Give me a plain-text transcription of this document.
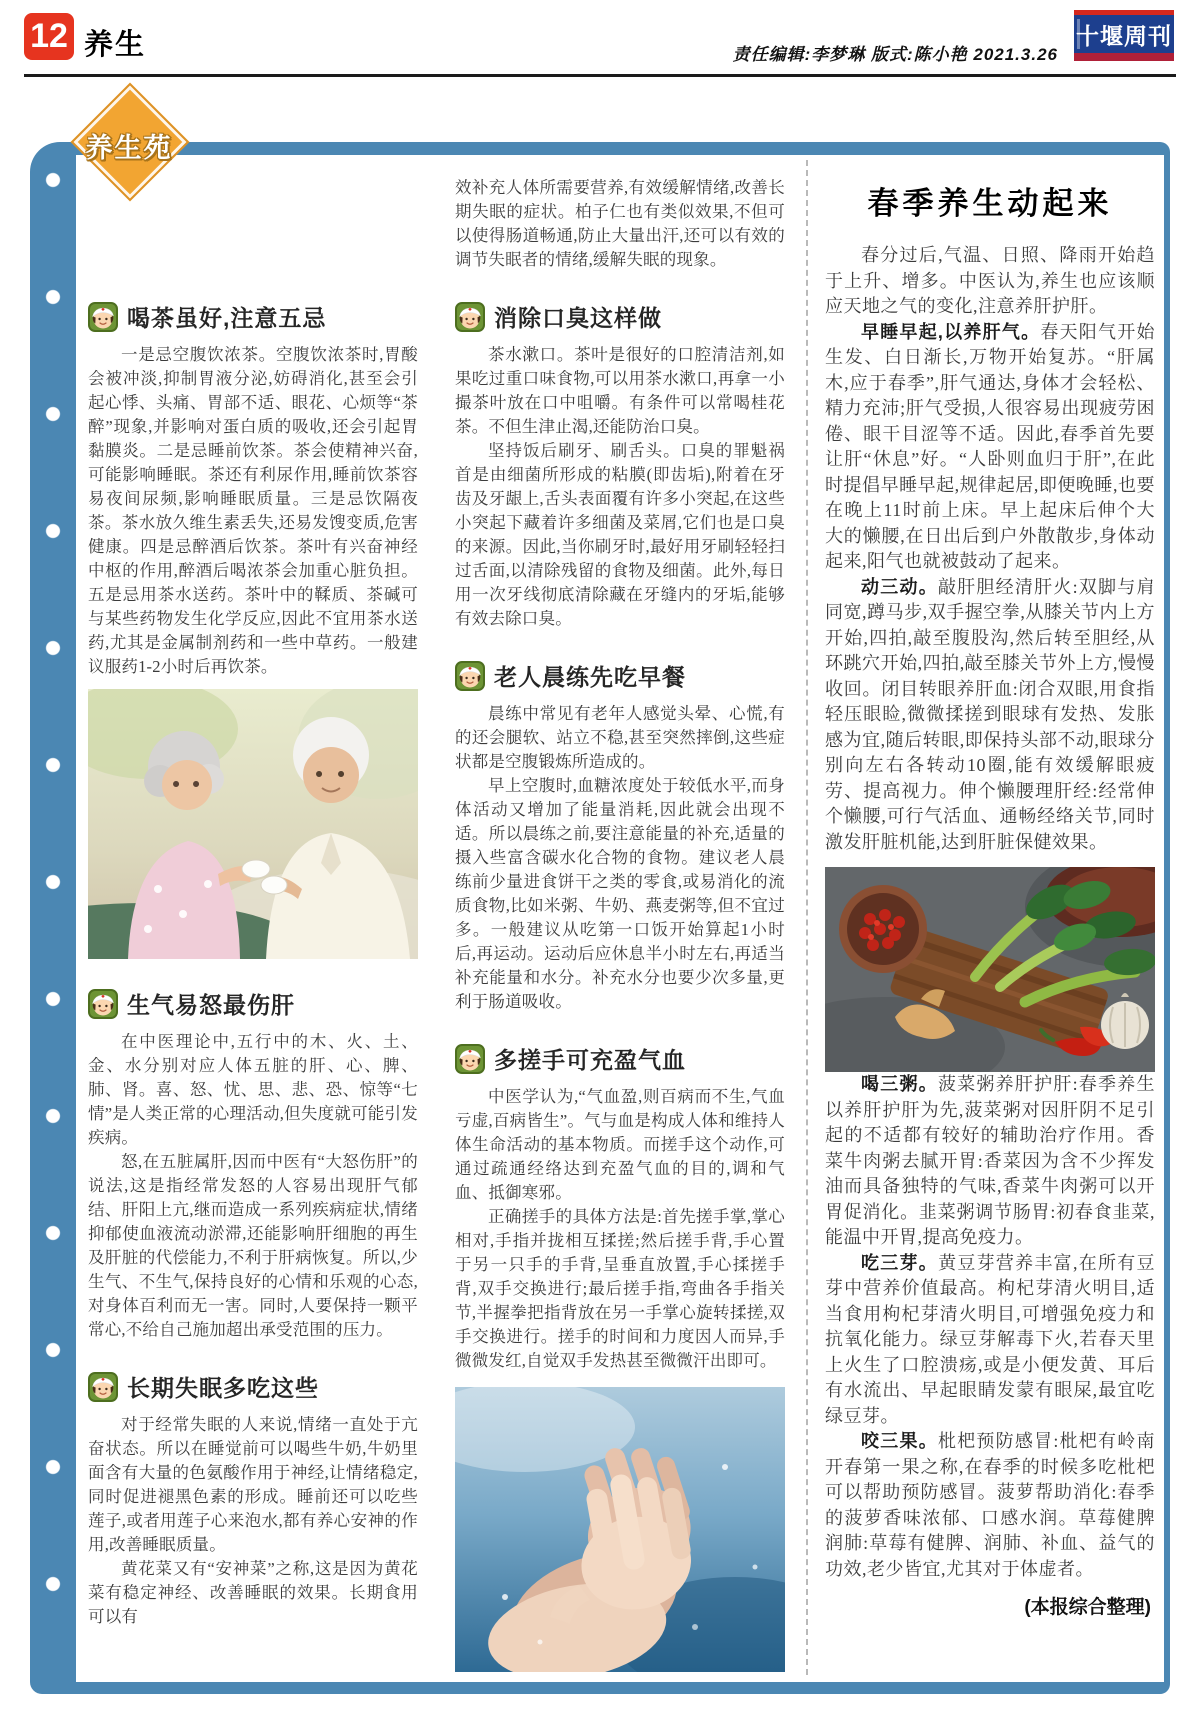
12 养生	责任编辑:李梦琳 版式:陈小艳 2021.3.26
十堰周刊
养生苑
喝茶虽好,注意五忌

一是忌空腹饮浓茶。空腹饮浓茶时,胃酸会被冲淡,抑制胃液分泌,妨碍消化,甚至会引起心悸、头痛、胃部不适、眼花、心烦等“茶醉”现象,并影响对蛋白质的吸收,还会引起胃黏膜炎。二是忌睡前饮茶。茶会使精神兴奋,可能影响睡眠。茶还有利尿作用,睡前饮茶容易夜间尿频,影响睡眠质量。三是忌饮隔夜茶。茶水放久维生素丢失,还易发馊变质,危害健康。四是忌醉酒后饮茶。茶叶有兴奋神经中枢的作用,醉酒后喝浓茶会加重心脏负担。五是忌用茶水送药。茶叶中的鞣质、茶碱可与某些药物发生化学反应,因此不宜用茶水送药,尤其是金属制剂药和一些中草药。一般建议服药1-2小时后再饮茶。

生气易怒最伤肝

在中医理论中,五行中的木、火、土、金、水分别对应人体五脏的肝、心、脾、肺、肾。喜、怒、忧、思、悲、恐、惊等“七情”是人类正常的心理活动,但失度就可能引发疾病。

怒,在五脏属肝,因而中医有“大怒伤肝”的说法,这是指经常发怒的人容易出现肝气郁结、肝阳上亢,继而造成一系列疾病症状,情绪抑郁使血液流动淤滞,还能影响肝细胞的再生及肝脏的代偿能力,不利于肝病恢复。所以,少生气、不生气,保持良好的心情和乐观的心态,对身体百利而无一害。同时,人要保持一颗平常心,不给自己施加超出承受范围的压力。

长期失眠多吃这些

对于经常失眠的人来说,情绪一直处于亢奋状态。所以在睡觉前可以喝些牛奶,牛奶里面含有大量的色氨酸作用于神经,让情绪稳定,同时促进褪黑色素的形成。睡前还可以吃些莲子,或者用莲子心来泡水,都有养心安神的作用,改善睡眠质量。

黄花菜又有“安神菜”之称,这是因为黄花菜有稳定神经、改善睡眠的效果。长期食用可以有

效补充人体所需要营养,有效缓解情绪,改善长期失眠的症状。柏子仁也有类似效果,不但可以使得肠道畅通,防止大量出汗,还可以有效的调节失眠者的情绪,缓解失眠的现象。

消除口臭这样做

茶水漱口。茶叶是很好的口腔清洁剂,如果吃过重口味食物,可以用茶水漱口,再拿一小撮茶叶放在口中咀嚼。有条件可以常喝桂花茶。不但生津止渴,还能防治口臭。

坚持饭后刷牙、刷舌头。口臭的罪魁祸首是由细菌所形成的粘膜(即齿垢),附着在牙齿及牙龈上,舌头表面覆有许多小突起,在这些小突起下藏着许多细菌及菜屑,它们也是口臭的来源。因此,当你刷牙时,最好用牙刷轻轻扫过舌面,以清除残留的食物及细菌。此外,每日用一次牙线彻底清除藏在牙缝内的牙垢,能够有效去除口臭。

老人晨练先吃早餐

晨练中常见有老年人感觉头晕、心慌,有的还会腿软、站立不稳,甚至突然摔倒,这些症状都是空腹锻炼所造成的。

早上空腹时,血糖浓度处于较低水平,而身体活动又增加了能量消耗,因此就会出现不适。所以晨练之前,要注意能量的补充,适量的摄入些富含碳水化合物的食物。建议老人晨练前少量进食饼干之类的零食,或易消化的流质食物,比如米粥、牛奶、燕麦粥等,但不宜过多。一般建议从吃第一口饭开始算起1小时后,再运动。运动后应休息半小时左右,再适当补充能量和水分。补充水分也要少次多量,更利于肠道吸收。

多搓手可充盈气血

中医学认为,“气血盈,则百病而不生,气血亏虚,百病皆生”。气与血是构成人体和维持人体生命活动的基本物质。而搓手这个动作,可通过疏通经络达到充盈气血的目的,调和气血、抵御寒邪。

正确搓手的具体方法是:首先搓手掌,掌心相对,手指并拢相互揉搓;然后搓手背,手心置于另一只手的手背,呈垂直放置,手心揉搓手背,双手交换进行;最后搓手指,弯曲各手指关节,半握拳把指背放在另一手掌心旋转揉搓,双手交换进行。搓手的时间和力度因人而异,手微微发红,自觉双手发热甚至微微汗出即可。

春季养生动起来

春分过后,气温、日照、降雨开始趋于上升、增多。中医认为,养生也应该顺应天地之气的变化,注意养肝护肝。

早睡早起,以养肝气。春天阳气开始生发、白日渐长,万物开始复苏。“肝属木,应于春季”,肝气通达,身体才会轻松、精力充沛;肝气受损,人很容易出现疲劳困倦、眼干目涩等不适。因此,春季首先要让肝“休息”好。“人卧则血归于肝”,在此时提倡早睡早起,规律起居,即便晚睡,也要在晚上11时前上床。早上起床后伸个大大的懒腰,在日出后到户外散散步,身体动起来,阳气也就被鼓动了起来。

动三动。敲肝胆经清肝火:双脚与肩同宽,蹲马步,双手握空拳,从膝关节内上方开始,四拍,敲至腹股沟,然后转至胆经,从环跳穴开始,四拍,敲至膝关节外上方,慢慢收回。闭目转眼养肝血:闭合双眼,用食指轻压眼睑,微微揉搓到眼球有发热、发胀感为宜,随后转眼,即保持头部不动,眼球分别向左右各转动10圈,能有效缓解眼疲劳、提高视力。伸个懒腰理肝经:经常伸个懒腰,可行气活血、通畅经络关节,同时激发肝脏机能,达到肝脏保健效果。

喝三粥。菠菜粥养肝护肝:春季养生以养肝护肝为先,菠菜粥对因肝阴不足引起的不适都有较好的辅助治疗作用。香菜牛肉粥去腻开胃:香菜因为含不少挥发油而具备独特的气味,香菜牛肉粥可以开胃促消化。韭菜粥调节肠胃:初春食韭菜,能温中开胃,提高免疫力。

吃三芽。黄豆芽营养丰富,在所有豆芽中营养价值最高。枸杞芽清火明目,适当食用枸杞芽清火明目,可增强免疫力和抗氧化能力。绿豆芽解毒下火,若春天里上火生了口腔溃疡,或是小便发黄、耳后有水流出、早起眼睛发蒙有眼屎,最宜吃绿豆芽。

咬三果。枇杷预防感冒:枇杷有岭南开春第一果之称,在春季的时候多吃枇杷可以帮助预防感冒。菠萝帮助消化:春季的菠萝香味浓郁、口感水润。草莓健脾润肺:草莓有健脾、润肺、补血、益气的功效,老少皆宜,尤其对于体虚者。

(本报综合整理)
